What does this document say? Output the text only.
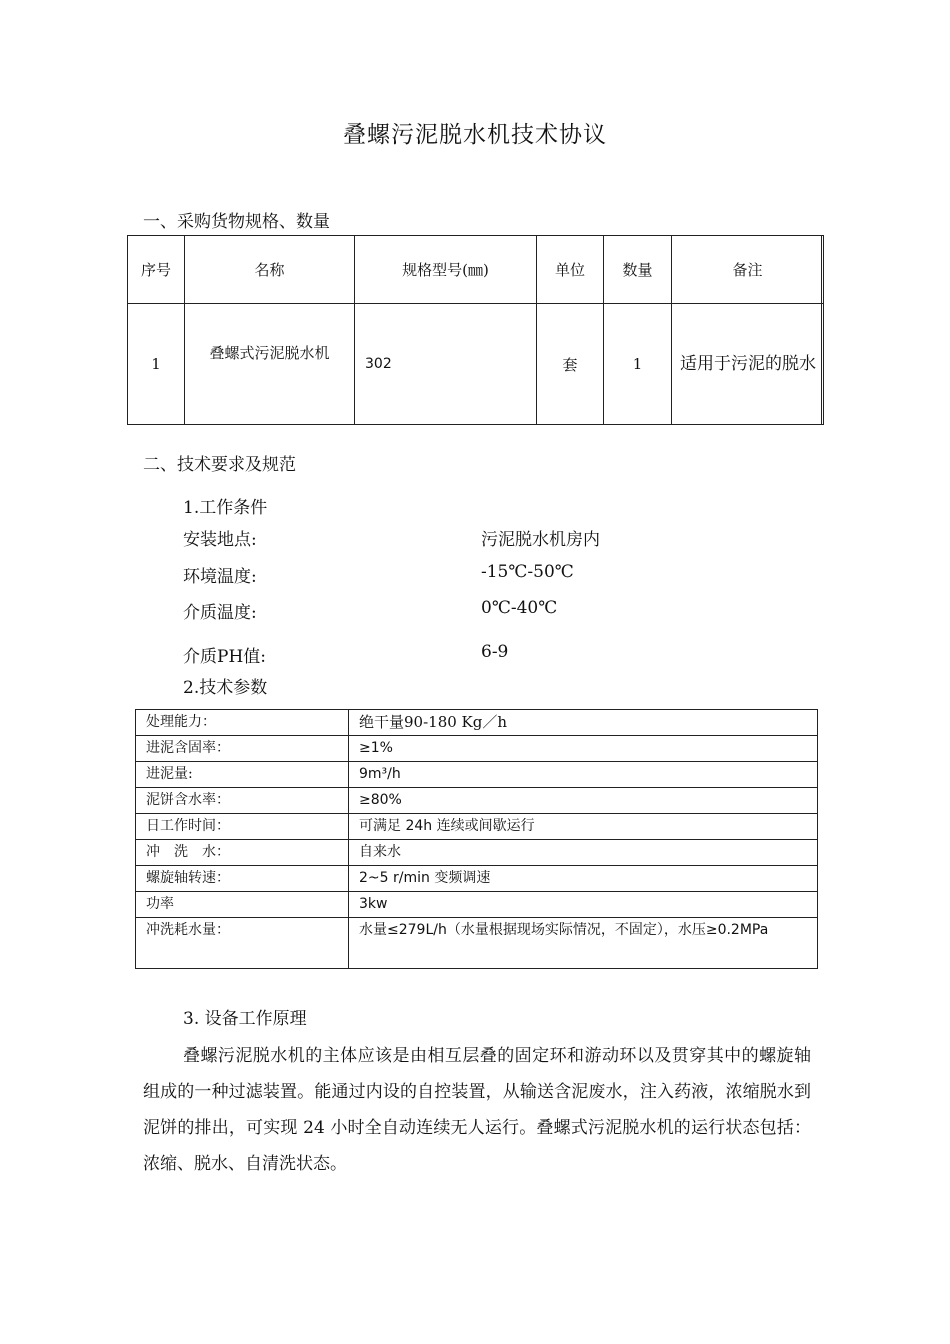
叠螺污泥脱水机技术协议
一、采购货物规格、数量
序号	名称	规格型号(㎜)	单位	数量	备注
1	叠螺式污泥脱水机	302	套	1	适用于污泥的脱水
二、技术要求及规范
1.工作条件
安装地点:	污泥脱水机房内
环境温度:	-15℃-50℃
介质温度:	0℃-40℃
介质PH值:	6-9
2.技术参数
处理能力：	绝干量90-180 Kg／h
进泥含固率：	≥1%
进泥量:	9m³/h
泥饼含水率：	≥80%
日工作时间：	可满足 24h 连续或间歇运行
冲　洗　水：	自来水
螺旋轴转速：	2~5 r/min 变频调速
功率	3kw
冲洗耗水量：	水量≤279L/h（水量根据现场实际情况，不固定），水压≥0.2MPa
3. 设备工作原理
叠螺污泥脱水机的主体应该是由相互层叠的固定环和游动环以及贯穿其中的螺旋轴组成的一种过滤装置。能通过内设的自控装置，从输送含泥废水，注入药液，浓缩脱水到泥饼的排出，可实现 24 小时全自动连续无人运行。叠螺式污泥脱水机的运行状态包括：浓缩、脱水、自清洗状态。
